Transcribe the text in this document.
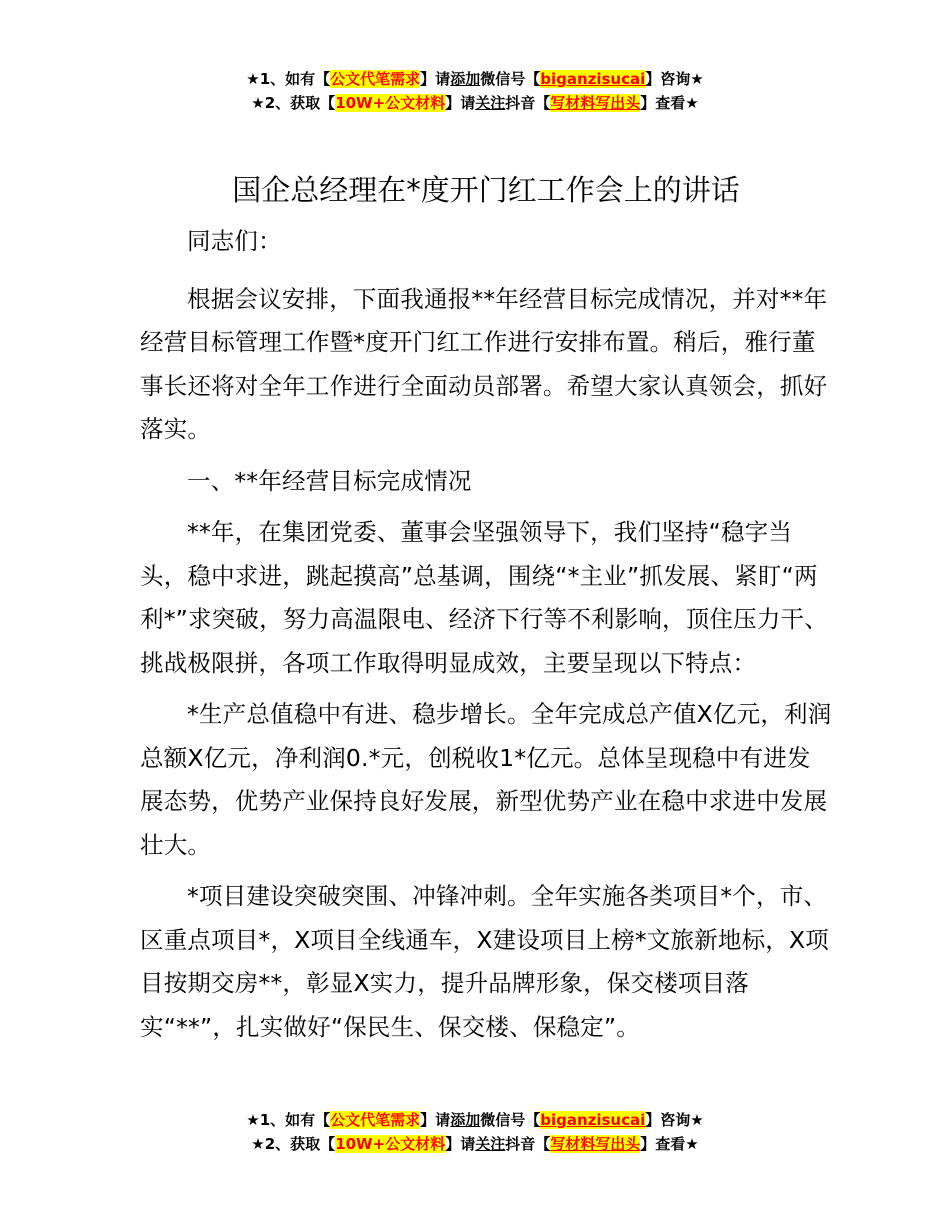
★1、如有【公文代笔需求】请添加微信号【biganzisucai】咨询★
★2、获取【10W+公文材料】请关注抖音【写材料写出头】查看★
国企总经理在*度开门红工作会上的讲话

同志们：

根据会议安排，下面我通报**年经营目标完成情况，并对**年经营目标管理工作暨*度开门红工作进行安排布置。稍后，雅行董事长还将对全年工作进行全面动员部署。希望大家认真领会，抓好落实。

一、**年经营目标完成情况

**年，在集团党委、董事会坚强领导下，我们坚持“稳字当头，稳中求进，跳起摸高”总基调，围绕“*主业”抓发展、紧盯“两利*”求突破，努力高温限电、经济下行等不利影响，顶住压力干、挑战极限拼，各项工作取得明显成效，主要呈现以下特点：

*生产总值稳中有进、稳步增长。全年完成总产值X亿元，利润总额X亿元，净利润0.*元，创税收1*亿元。总体呈现稳中有进发展态势，优势产业保持良好发展，新型优势产业在稳中求进中发展壮大。

*项目建设突破突围、冲锋冲刺。全年实施各类项目*个，市、区重点项目*，X项目全线通车，X建设项目上榜*文旅新地标，X项目按期交房**，彰显X实力，提升品牌形象，保交楼项目落实“**”，扎实做好“保民生、保交楼、保稳定”。

★1、如有【公文代笔需求】请添加微信号【biganzisucai】咨询★
★2、获取【10W+公文材料】请关注抖音【写材料写出头】查看★
